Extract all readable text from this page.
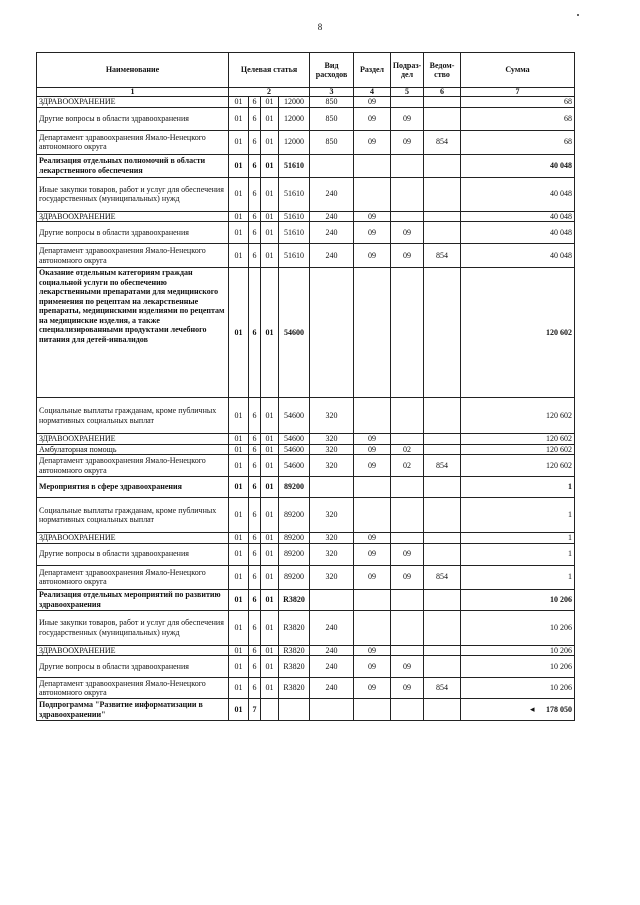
8
◂
Наименование	Целевая статья				Вид расходов	Раздел	Подраз-дел	Ведом-ство	Сумма
1	2				3	4	5	6	7
ЗДРАВООХРАНЕНИЕ	01	6	01	12000	850	09			68
Другие вопросы в области здравоохранения	01	6	01	12000	850	09	09		68
Департамент здравоохранения Ямало-Ненецкого автономного округа	01	6	01	12000	850	09	09	854	68
Реализация отдельных полномочий в области лекарственного обеспечения	01	6	01	51610					40 048
Иные закупки товаров, работ и услуг для обеспечения государственных (муниципальных) нужд	01	6	01	51610	240				40 048
ЗДРАВООХРАНЕНИЕ	01	6	01	51610	240	09			40 048
Другие вопросы в области здравоохранения	01	6	01	51610	240	09	09		40 048
Департамент здравоохранения Ямало-Ненецкого автономного округа	01	6	01	51610	240	09	09	854	40 048
Оказание отдельным категориям граждан социальной услуги по обеспечению лекарственными препаратами для медицинского применения по рецептам на лекарственные препараты, медицинскими изделиями по рецептам на медицинские изделия, а также специализированными продуктами лечебного питания для детей-инвалидов	01	6	01	54600					120 602
Социальные выплаты гражданам, кроме публичных нормативных социальных выплат	01	6	01	54600	320				120 602
ЗДРАВООХРАНЕНИЕ	01	6	01	54600	320	09			120 602
Амбулаторная помощь	01	6	01	54600	320	09	02		120 602
Департамент здравоохранения Ямало-Ненецкого автономного округа	01	6	01	54600	320	09	02	854	120 602
Мероприятия в сфере здравоохранения	01	6	01	89200					1
Социальные выплаты гражданам, кроме публичных нормативных социальных выплат	01	6	01	89200	320				1
ЗДРАВООХРАНЕНИЕ	01	6	01	89200	320	09			1
Другие вопросы в области здравоохранения	01	6	01	89200	320	09	09		1
Департамент здравоохранения Ямало-Ненецкого автономного округа	01	6	01	89200	320	09	09	854	1
Реализация отдельных мероприятий по развитию здравоохранения	01	6	01	R3820					10 206
Иные закупки товаров, работ и услуг для обеспечения государственных (муниципальных) нужд	01	6	01	R3820	240				10 206
ЗДРАВООХРАНЕНИЕ	01	6	01	R3820	240	09			10 206
Другие вопросы в области здравоохранения	01	6	01	R3820	240	09	09		10 206
Департамент здравоохранения Ямало-Ненецкого автономного округа	01	6	01	R3820	240	09	09	854	10 206
Подпрограмма "Развитие информатизации в здравоохранении"	01	7							178 050
